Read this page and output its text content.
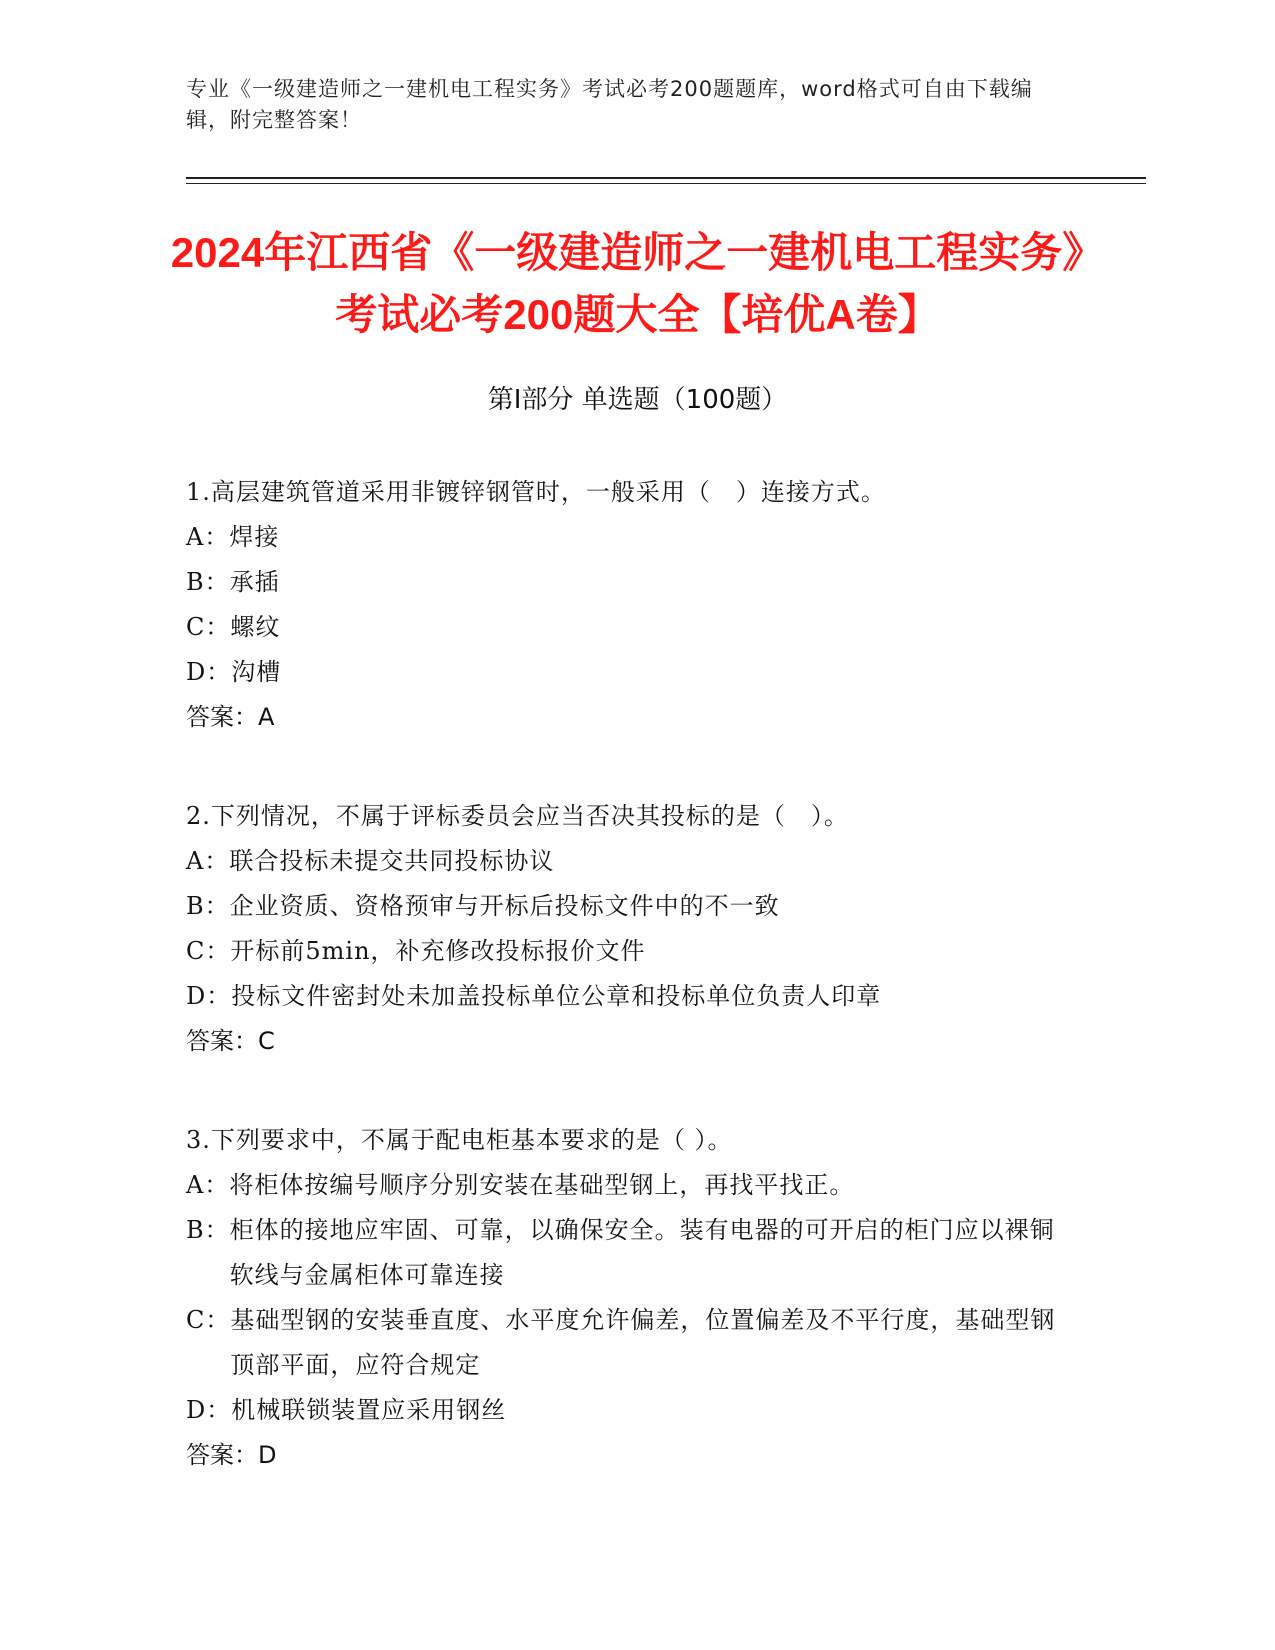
专业《一级建造师之一建机电工程实务》考试必考200题题库，word格式可自由下载编辑，附完整答案！
2024年江西省《一级建造师之一建机电工程实务》考试必考200题大全【培优A卷】
第I部分 单选题（100题）
1.高层建筑管道采用非镀锌钢管时，一般采用（　）连接方式。
A： 焊接
B： 承插
C： 螺纹
D： 沟槽
答案：A
2.下列情况，不属于评标委员会应当否决其投标的是（　）。
A： 联合投标未提交共同投标协议
B： 企业资质、资格预审与开标后投标文件中的不一致
C： 开标前5min，补充修改投标报价文件
D： 投标文件密封处未加盖投标单位公章和投标单位负责人印章
答案：C
3.下列要求中，不属于配电柜基本要求的是（ ）。
A： 将柜体按编号顺序分别安装在基础型钢上，再找平找正。
B： 柜体的接地应牢固、可靠，以确保安全。装有电器的可开启的柜门应以裸铜软线与金属柜体可靠连接
C： 基础型钢的安装垂直度、水平度允许偏差，位置偏差及不平行度，基础型钢顶部平面，应符合规定
D： 机械联锁装置应采用钢丝
答案：D
